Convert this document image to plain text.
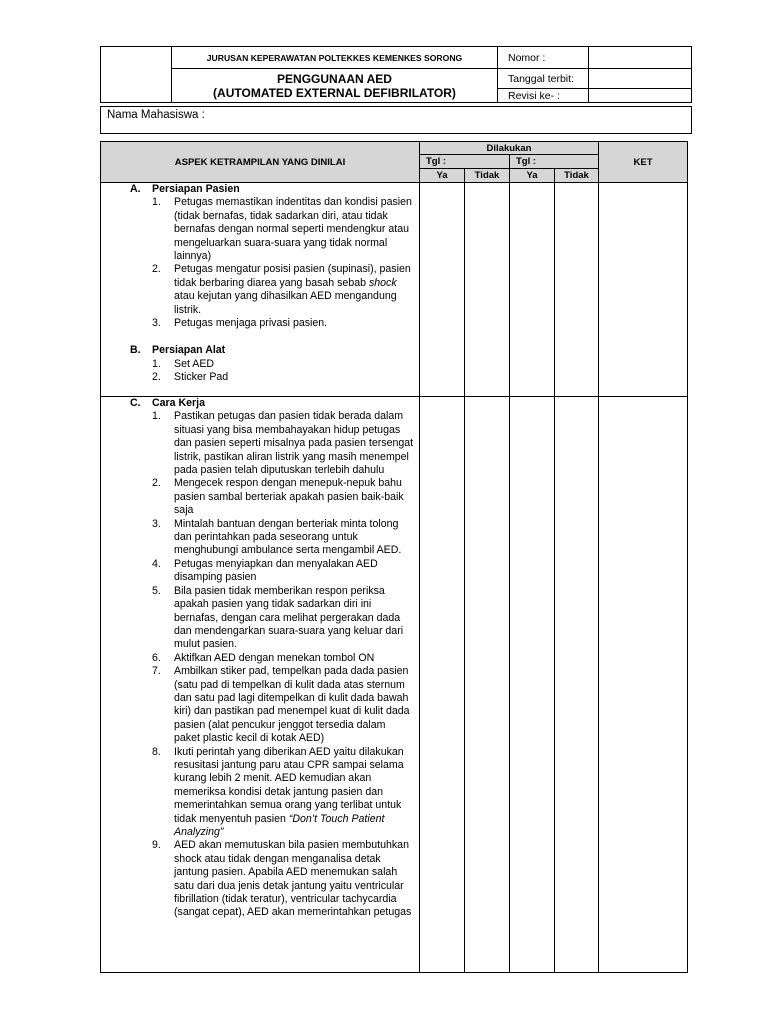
JURUSAN KEPERAWATAN POLTEKKES KEMENKES SORONG
PENGGUNAAN AED
(AUTOMATED EXTERNAL DEFIBRILATOR)
Nomor :
Tanggal terbit:
Revisi ke- :
Nama Mahasiswa :
ASPEK KETRAMPILAN YANG DINILAI
Dilakukan
Tgl :	Tgl :
Ya	Tidak	Ya	Tidak
KET
A. Persiapan Pasien
1.	Petugas memastikan indentitas dan kondisi pasien (tidak bernafas, tidak sadarkan diri, atau tidak bernafas dengan normal seperti mendengkur atau mengeluarkan suara-suara yang tidak normal lainnya)
2.	Petugas mengatur posisi pasien (supinasi), pasien tidak berbaring diarea yang basah sebab shock atau kejutan yang dihasilkan AED mengandung listrik.
3.	Petugas menjaga privasi pasien.
B. Persiapan Alat
1.	Set AED
2.	Sticker Pad
C. Cara Kerja
1.	Pastikan petugas dan pasien tidak berada dalam situasi yang bisa membahayakan hidup petugas dan pasien seperti misalnya pada pasien tersengat listrik, pastikan aliran listrik yang masih menempel pada pasien telah diputuskan terlebih dahulu
2.	Mengecek respon dengan menepuk-nepuk bahu pasien sambal berteriak apakah pasien baik-baik saja
3.	Mintalah bantuan dengan berteriak minta tolong dan perintahkan pada seseorang untuk menghubungi ambulance serta mengambil AED.
4.	Petugas menyiapkan dan menyalakan AED disamping pasien
5.	Bila pasien tidak memberikan respon periksa apakah pasien yang tidak sadarkan diri ini bernafas, dengan cara melihat pergerakan dada dan mendengarkan suara-suara yang keluar dari mulut pasien.
6.	Aktifkan AED dengan menekan tombol ON
7.	Ambilkan stiker pad, tempelkan pada dada pasien (satu pad di tempelkan di kulit dada atas sternum dan satu pad lagi ditempelkan di kulit dada bawah kiri) dan pastikan pad menempel kuat di kulit dada pasien (alat pencukur jenggot tersedia dalam paket plastic kecil di kotak AED)
8.	Ikuti perintah yang diberikan AED yaitu dilakukan resusitasi jantung paru atau CPR sampai selama kurang lebih 2 menit. AED kemudian akan memeriksa kondisi detak jantung pasien dan memerintahkan semua orang yang terlibat untuk tidak menyentuh pasien “Don’t Touch Patient Analyzing”
9.	AED akan memutuskan bila pasien membutuhkan shock atau tidak dengan menganalisa detak jantung pasien. Apabila AED menemukan salah satu dari dua jenis detak jantung yaitu ventricular fibrillation (tidak teratur), ventricular tachycardia (sangat cepat), AED akan memerintahkan petugas
